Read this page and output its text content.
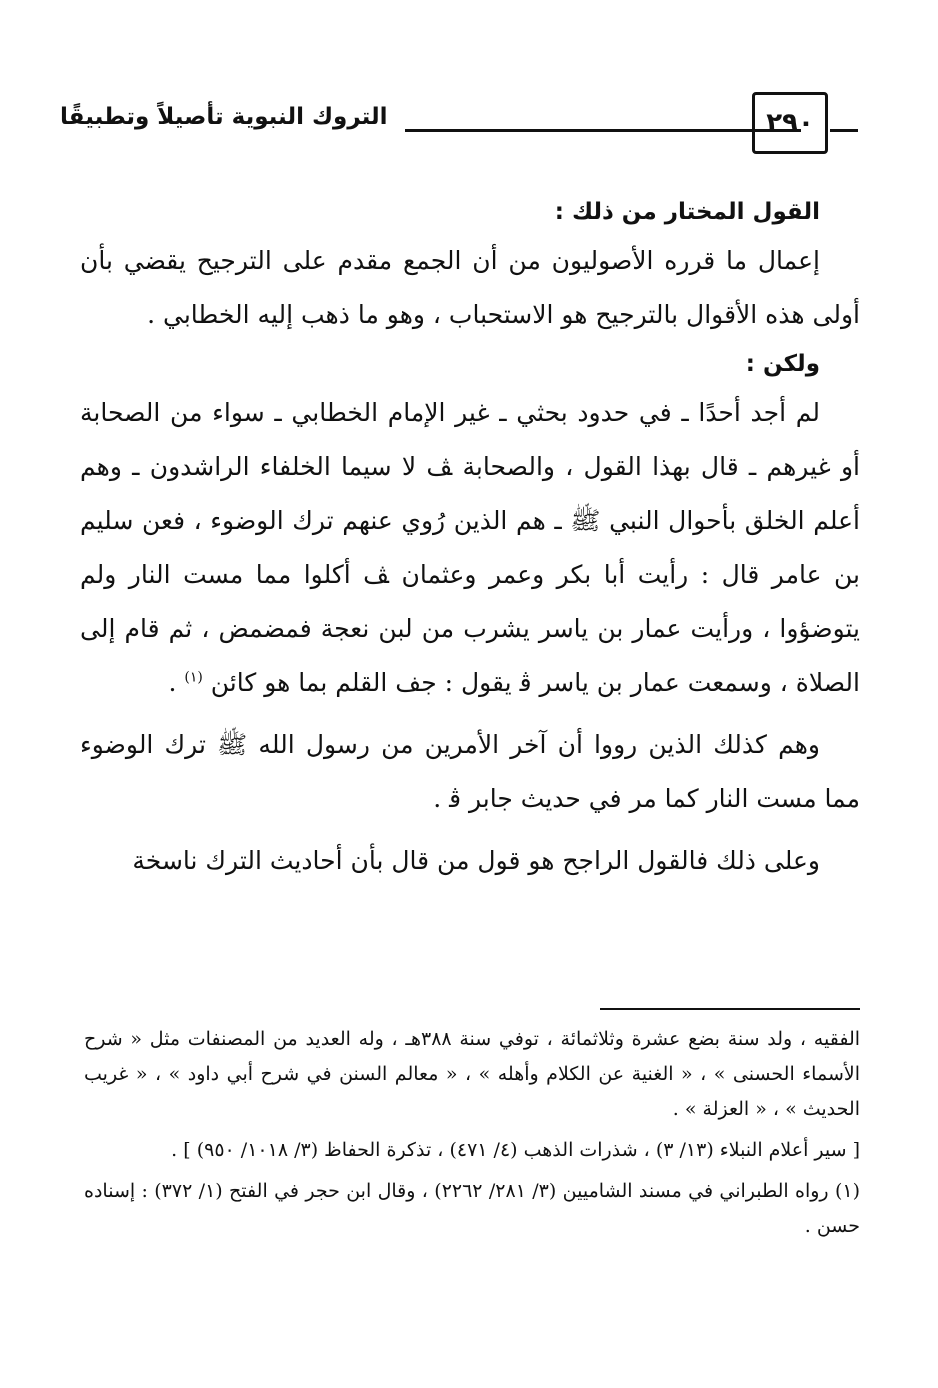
٢٩٠
التروك النبوية تأصيلاً وتطبيقًا

القول المختار من ذلك :

إعمال ما قرره الأصوليون من أن الجمع مقدم على الترجيح يقضي بأن أولى هذه الأقوال بالترجيح هو الاستحباب ، وهو ما ذهب إليه الخطابي .

ولكن :

لم أجد أحدًا ـ في حدود بحثي ـ غير الإمام الخطابي ـ سواء من الصحابة أو غيرهم ـ قال بهذا القول ، والصحابة ﭫ لا سيما الخلفاء الراشدون ـ وهم أعلم الخلق بأحوال النبي ﷺ ـ هم الذين رُوي عنهم ترك الوضوء ، فعن سليم بن عامر قال : رأيت أبا بكر وعمر وعثمان ﭫ أكلوا مما مست النار ولم يتوضؤوا ، ورأيت عمار بن ياسر يشرب من لبن نعجة فمضمض ، ثم قام إلى الصلاة ، وسمعت عمار بن ياسر ﭬ يقول : جف القلم بما هو كائن $^{(١)}$ .

وهم كذلك الذين رووا أن آخر الأمرين من رسول الله ﷺ ترك الوضوء مما مست النار كما مر في حديث جابر ﭬ .

وعلى ذلك فالقول الراجح هو قول من قال بأن أحاديث الترك ناسخة

الفقيه ، ولد سنة بضع عشرة وثلاثمائة ، توفي سنة ٣٨٨هـ ، وله العديد من المصنفات مثل « شرح الأسماء الحسنى » ، « الغنية عن الكلام وأهله » ، « معالم السنن في شرح أبي داود » ، « غريب الحديث » ، « العزلة » .

[ سير أعلام النبلاء (١٣/ ٣) ، شذرات الذهب (٤/ ٤٧١) ، تذكرة الحفاظ (٣/ ١٠١٨/ ٩٥٠) ] .

(١) رواه الطبراني في مسند الشاميين (٣/ ٢٨١/ ٢٢٦٢) ، وقال ابن حجر في الفتح (١/ ٣٧٢) : إسناده حسن .
